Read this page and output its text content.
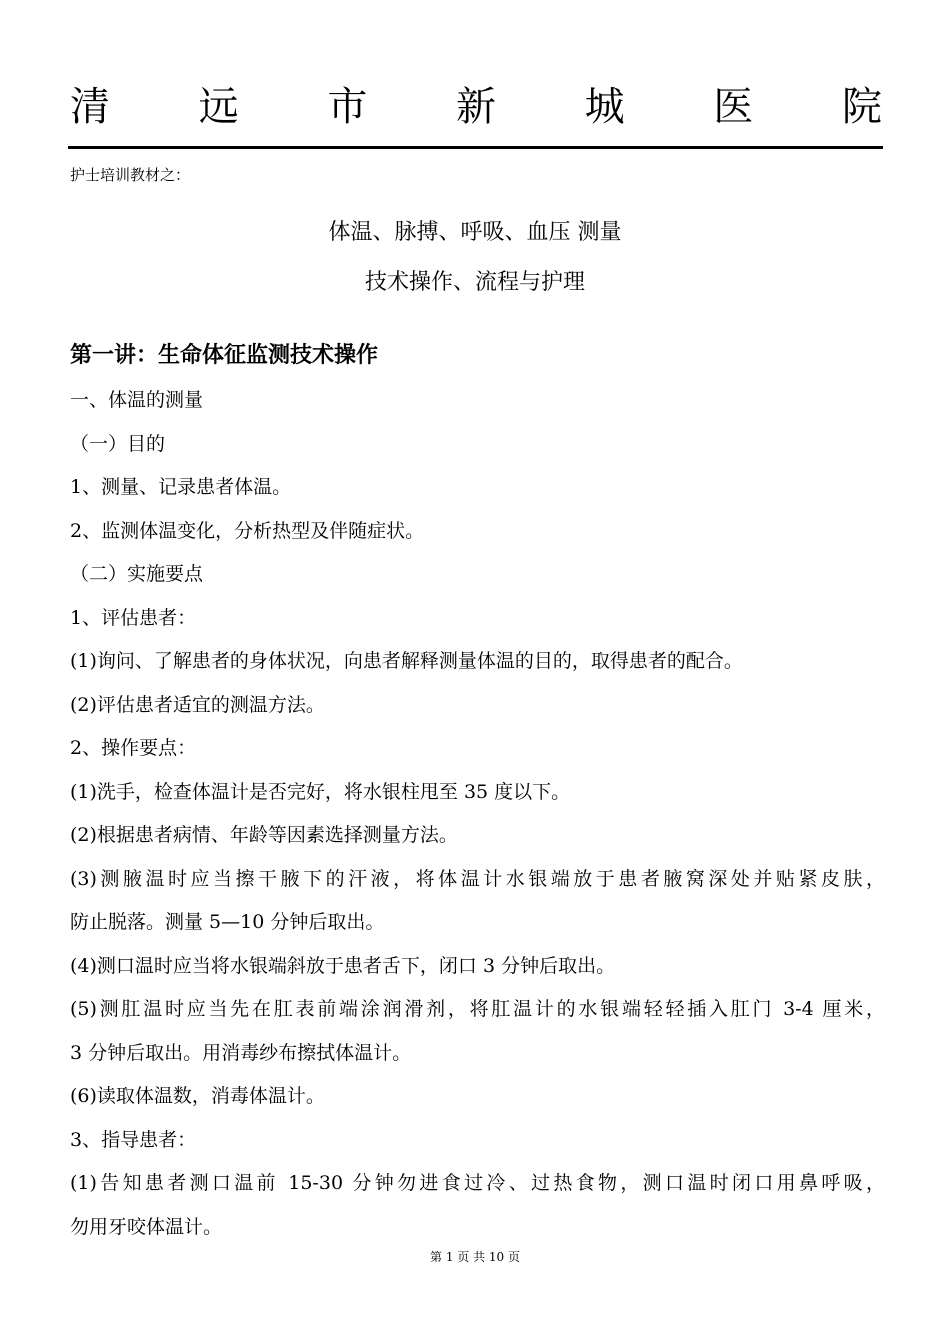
清 远 市 新 城 医 院
护士培训教材之：
体温、脉搏、呼吸、血压 测量
技术操作、流程与护理
第一讲：生命体征监测技术操作
一、体温的测量
（一）目的
1、测量、记录患者体温。
2、监测体温变化，分析热型及伴随症状。
（二）实施要点
1、评估患者：
(1)询问、了解患者的身体状况，向患者解释测量体温的目的，取得患者的配合。
(2)评估患者适宜的测温方法。
2、操作要点：
(1)洗手，检查体温计是否完好，将水银柱甩至 35 度以下。
(2)根据患者病情、年龄等因素选择测量方法。
(3)测腋温时应当擦干腋下的汗液，将体温计水银端放于患者腋窝深处并贴紧皮肤，
防止脱落。测量 5—10 分钟后取出。
(4)测口温时应当将水银端斜放于患者舌下，闭口 3 分钟后取出。
(5)测肛温时应当先在肛表前端涂润滑剂，将肛温计的水银端轻轻插入肛门 3-4 厘米，
3 分钟后取出。用消毒纱布擦拭体温计。
(6)读取体温数，消毒体温计。
3、指导患者：
(1)告知患者测口温前 15-30 分钟勿进食过冷、过热食物，测口温时闭口用鼻呼吸，
勿用牙咬体温计。
第 1 页 共 10 页
